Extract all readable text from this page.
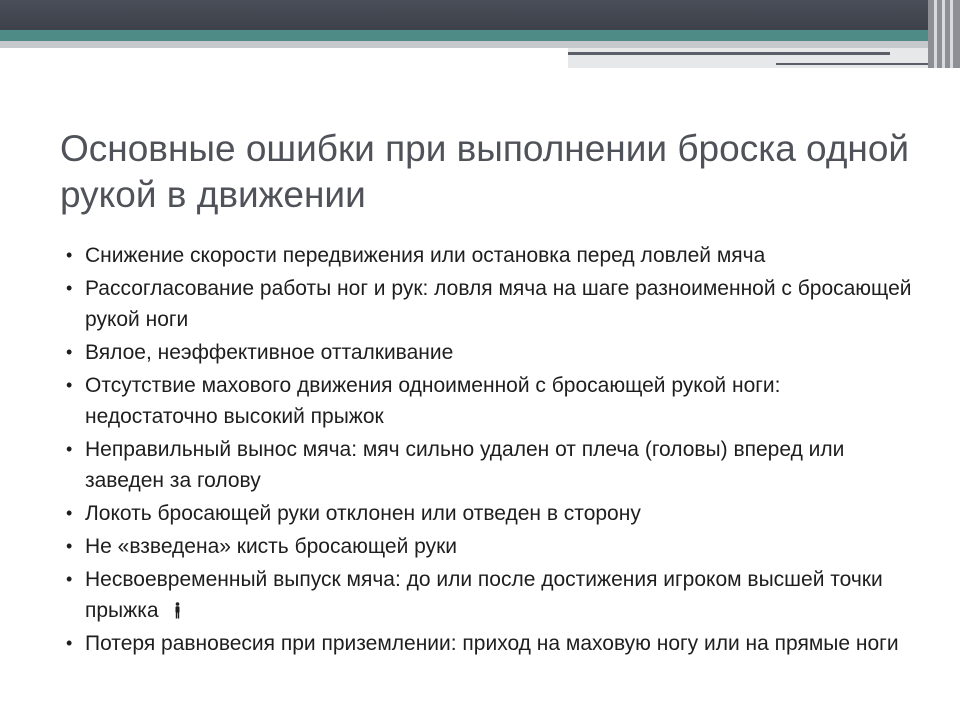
Основные ошибки при выполнении броска одной рукой в движении
• Снижение скорости передвижения или остановка перед ловлей мяча
• Рассогласование работы ног и рук: ловля мяча на шаге разноименной с бросающей рукой ноги
• Вялое, неэффективное отталкивание
• Отсутствие махового движения одноименной с бросающей рукой ноги: недостаточно высокий прыжок
• Неправильный вынос мяча: мяч сильно удален от плеча (головы) вперед или заведен за голову
• Локоть бросающей руки отклонен или отведен в сторону
• Не «взведена» кисть бросающей руки
• Несвоевременный выпуск мяча: до или после достижения игроком высшей точки прыжка
• Потеря равновесия при приземлении: приход на маховую ногу или на прямые ноги
